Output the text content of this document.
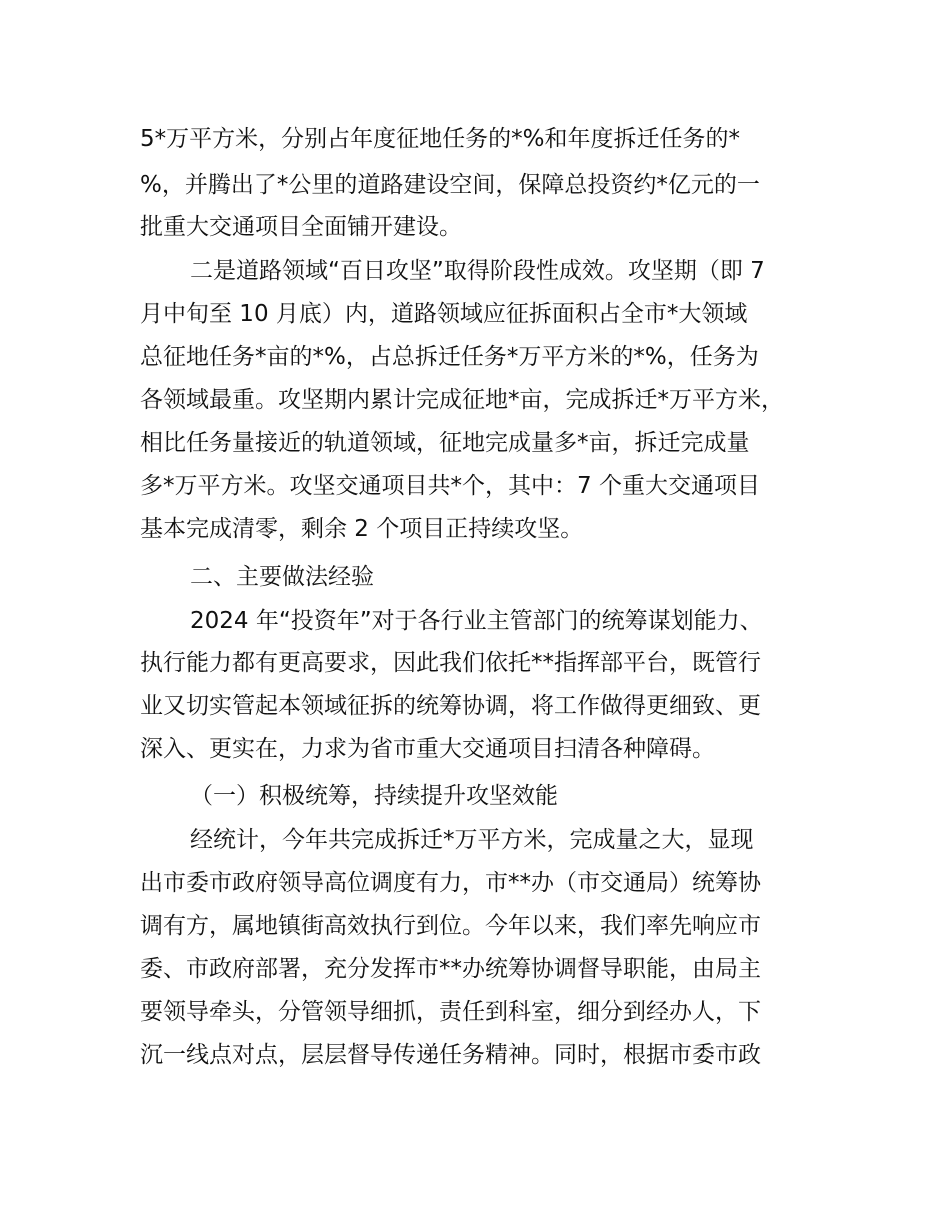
5*万平方米，分别占年度征地任务的*%和年度拆迁任务的*
%，并腾出了*公里的道路建设空间，保障总投资约*亿元的一
批重大交通项目全面铺开建设。
二是道路领域“百日攻坚”取得阶段性成效。攻坚期（即 7
月中旬至 10 月底）内，道路领域应征拆面积占全市*大领域
总征地任务*亩的*%，占总拆迁任务*万平方米的*%，任务为
各领域最重。攻坚期内累计完成征地*亩，完成拆迁*万平方米，
相比任务量接近的轨道领域，征地完成量多*亩，拆迁完成量
多*万平方米。攻坚交通项目共*个，其中：7 个重大交通项目
基本完成清零，剩余 2 个项目正持续攻坚。
二、主要做法经验
2024 年“投资年”对于各行业主管部门的统筹谋划能力、
执行能力都有更高要求，因此我们依托**指挥部平台，既管行
业又切实管起本领域征拆的统筹协调，将工作做得更细致、更
深入、更实在，力求为省市重大交通项目扫清各种障碍。
（一）积极统筹，持续提升攻坚效能
经统计，今年共完成拆迁*万平方米，完成量之大，显现
出市委市政府领导高位调度有力，市**办（市交通局）统筹协
调有方，属地镇街高效执行到位。今年以来，我们率先响应市
委、市政府部署，充分发挥市**办统筹协调督导职能，由局主
要领导牵头，分管领导细抓，责任到科室，细分到经办人，下
沉一线点对点，层层督导传递任务精神。同时，根据市委市政
